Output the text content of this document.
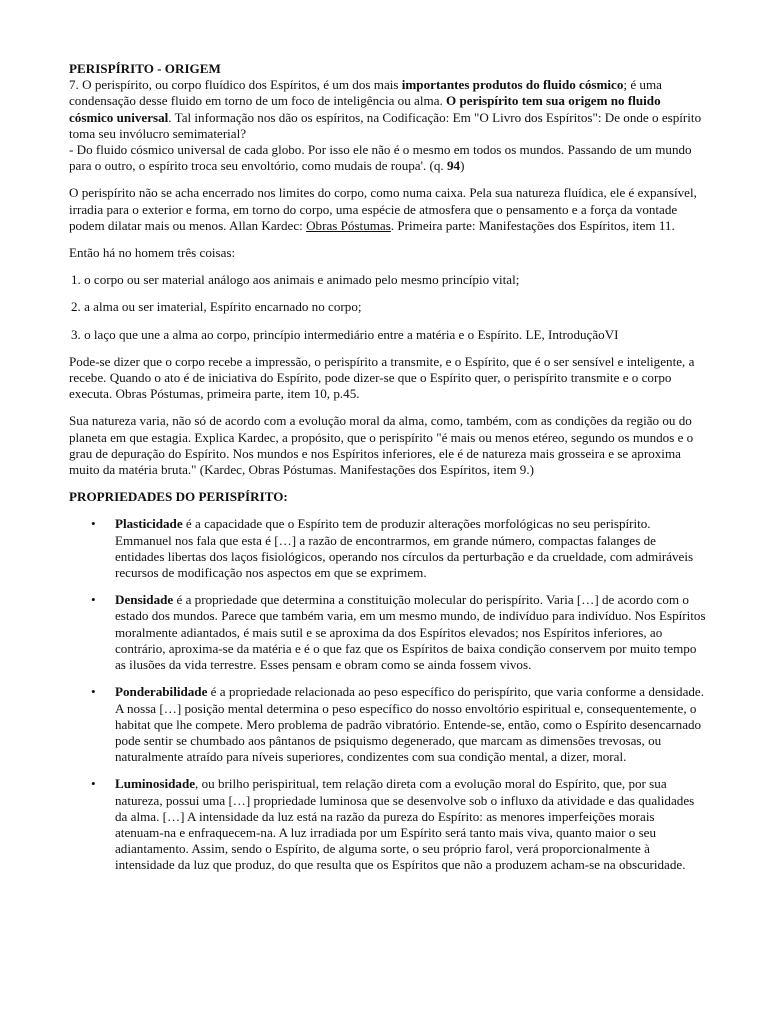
PERISPÍRITO - ORIGEM

7. O perispírito, ou corpo fluídico dos Espíritos, é um dos mais importantes produtos do fluido cósmico; é uma condensação desse fluido em torno de um foco de inteligência ou alma. O perispírito tem sua origem no fluido cósmico universal. Tal informação nos dão os espíritos, na Codificação: Em "O Livro dos Espíritos": De onde o espírito toma seu invólucro semimaterial?
- Do fluido cósmico universal de cada globo. Por isso ele não é o mesmo em todos os mundos. Passando de um mundo para o outro, o espírito troca seu envoltório, como mudais de roupa'. (q. 94)

O perispírito não se acha encerrado nos limites do corpo, como numa caixa. Pela sua natureza fluídica, ele é expansível, irradia para o exterior e forma, em torno do corpo, uma espécie de atmosfera que o pensamento e a força da vontade podem dilatar mais ou menos. Allan Kardec: Obras Póstumas. Primeira parte: Manifestações dos Espíritos, item 11.

Então há no homem três coisas:

1. o corpo ou ser material análogo aos animais e animado pelo mesmo princípio vital;

2. a alma ou ser imaterial, Espírito encarnado no corpo;

3. o laço que une a alma ao corpo, princípio intermediário entre a matéria e o Espírito. LE, IntroduçãoVI

Pode-se dizer que o corpo recebe a impressão, o perispírito a transmite, e o Espírito, que é o ser sensível e inteligente, a recebe. Quando o ato é de iniciativa do Espírito, pode dizer-se que o Espírito quer, o perispírito transmite e o corpo executa. Obras Póstumas, primeira parte, item 10, p.45.

Sua natureza varia, não só de acordo com a evolução moral da alma, como, também, com as condições da região ou do planeta em que estagia. Explica Kardec, a propósito, que o perispírito "é mais ou menos etéreo, segundo os mundos e o grau de depuração do Espírito. Nos mundos e nos Espíritos inferiores, ele é de natureza mais grosseira e se aproxima muito da matéria bruta." (Kardec, Obras Póstumas. Manifestações dos Espíritos, item 9.)

PROPRIEDADES DO PERISPÍRITO:
• Plasticidade é a capacidade que o Espírito tem de produzir alterações morfológicas no seu perispírito. Emmanuel nos fala que esta é […] a razão de encontrarmos, em grande número, compactas falanges de entidades libertas dos laços fisiológicos, operando nos círculos da perturbação e da crueldade, com admiráveis recursos de modificação nos aspectos em que se exprimem.
• Densidade é a propriedade que determina a constituição molecular do perispírito. Varia […] de acordo com o estado dos mundos. Parece que também varia, em um mesmo mundo, de indivíduo para indivíduo. Nos Espíritos moralmente adiantados, é mais sutil e se aproxima da dos Espíritos elevados; nos Espíritos inferiores, ao contrário, aproxima-se da matéria e é o que faz que os Espíritos de baixa condição conservem por muito tempo as ilusões da vida terrestre. Esses pensam e obram como se ainda fossem vivos.
• Ponderabilidade é a propriedade relacionada ao peso específico do perispírito, que varia conforme a densidade. A nossa […] posição mental determina o peso específico do nosso envoltório espiritual e, consequentemente, o habitat que lhe compete. Mero problema de padrão vibratório. Entende-se, então, como o Espírito desencarnado pode sentir se chumbado aos pântanos de psiquismo degenerado, que marcam as dimensões trevosas, ou naturalmente atraído para níveis superiores, condizentes com sua condição mental, a dizer, moral.
• Luminosidade, ou brilho perispiritual, tem relação direta com a evolução moral do Espírito, que, por sua natureza, possui uma […] propriedade luminosa que se desenvolve sob o influxo da atividade e das qualidades da alma. […] A intensidade da luz está na razão da pureza do Espírito: as menores imperfeições morais atenuam-na e enfraquecem-na. A luz irradiada por um Espírito será tanto mais viva, quanto maior o seu adiantamento. Assim, sendo o Espírito, de alguma sorte, o seu próprio farol, verá proporcionalmente à intensidade da luz que produz, do que resulta que os Espíritos que não a produzem acham-se na obscuridade.
